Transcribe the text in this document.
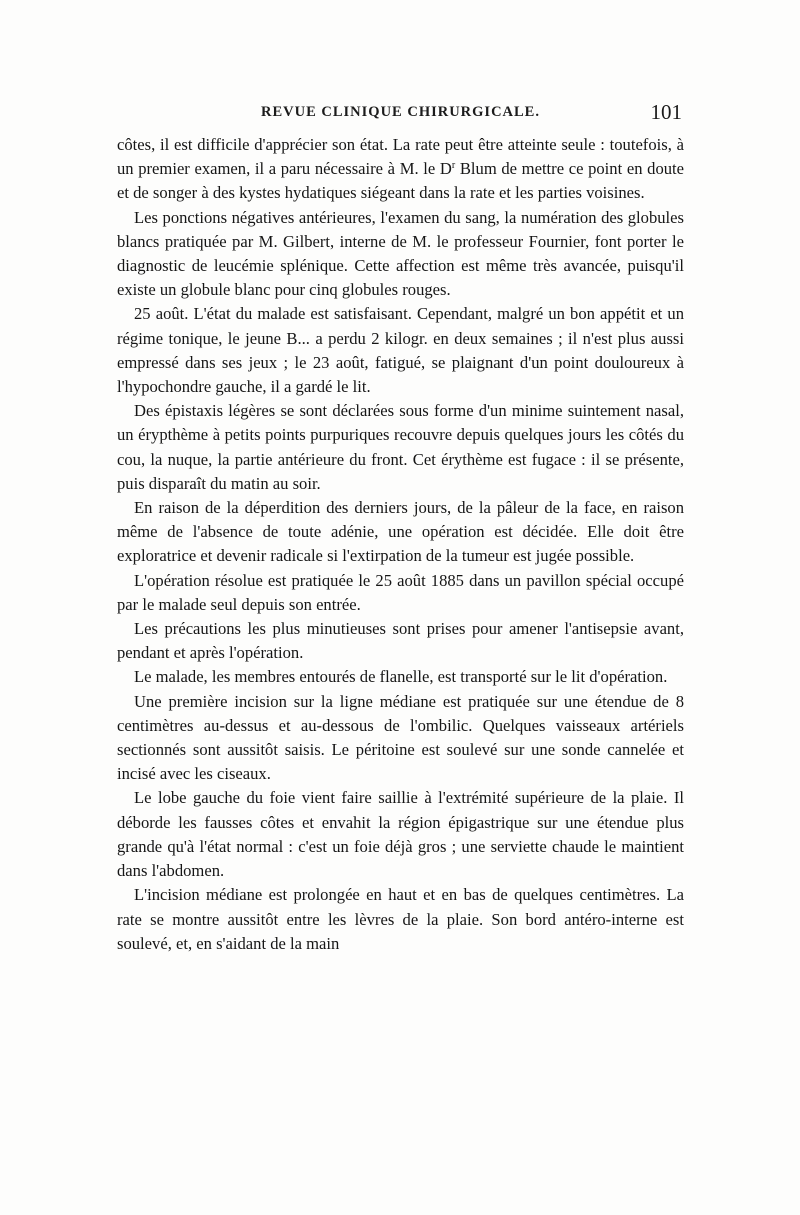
REVUE CLINIQUE CHIRURGICALE.	101

côtes, il est difficile d'apprécier son état. La rate peut être atteinte seule : toutefois, à un premier examen, il a paru nécessaire à M. le $D^r$ Blum de mettre ce point en doute et de songer à des kystes hydatiques siégeant dans la rate et les parties voisines.

Les ponctions négatives antérieures, l'examen du sang, la numération des globules blancs pratiquée par M. Gilbert, interne de M. le professeur Fournier, font porter le diagnostic de leucémie splénique. Cette affection est même très avancée, puisqu'il existe un globule blanc pour cinq globules rouges.

25 août. L'état du malade est satisfaisant. Cependant, malgré un bon appétit et un régime tonique, le jeune B... a perdu 2 kilogr. en deux semaines ; il n'est plus aussi empressé dans ses jeux ; le 23 août, fatigué, se plaignant d'un point douloureux à l'hypochondre gauche, il a gardé le lit.

Des épistaxis légères se sont déclarées sous forme d'un minime suintement nasal, un érypthème à petits points purpuriques recouvre depuis quelques jours les côtés du cou, la nuque, la partie antérieure du front. Cet érythème est fugace : il se présente, puis disparaît du matin au soir.

En raison de la déperdition des derniers jours, de la pâleur de la face, en raison même de l'absence de toute adénie, une opération est décidée. Elle doit être exploratrice et devenir radicale si l'extirpation de la tumeur est jugée possible.

L'opération résolue est pratiquée le 25 août 1885 dans un pavillon spécial occupé par le malade seul depuis son entrée.

Les précautions les plus minutieuses sont prises pour amener l'antisepsie avant, pendant et après l'opération.

Le malade, les membres entourés de flanelle, est transporté sur le lit d'opération.

Une première incision sur la ligne médiane est pratiquée sur une étendue de 8 centimètres au-dessus et au-dessous de l'ombilic. Quelques vaisseaux artériels sectionnés sont aussitôt saisis. Le péritoine est soulevé sur une sonde cannelée et incisé avec les ciseaux.

Le lobe gauche du foie vient faire saillie à l'extrémité supérieure de la plaie. Il déborde les fausses côtes et envahit la région épigastrique sur une étendue plus grande qu'à l'état normal : c'est un foie déjà gros ; une serviette chaude le maintient dans l'abdomen.

L'incision médiane est prolongée en haut et en bas de quelques centimètres. La rate se montre aussitôt entre les lèvres de la plaie. Son bord antéro-interne est soulevé, et, en s'aidant de la main
